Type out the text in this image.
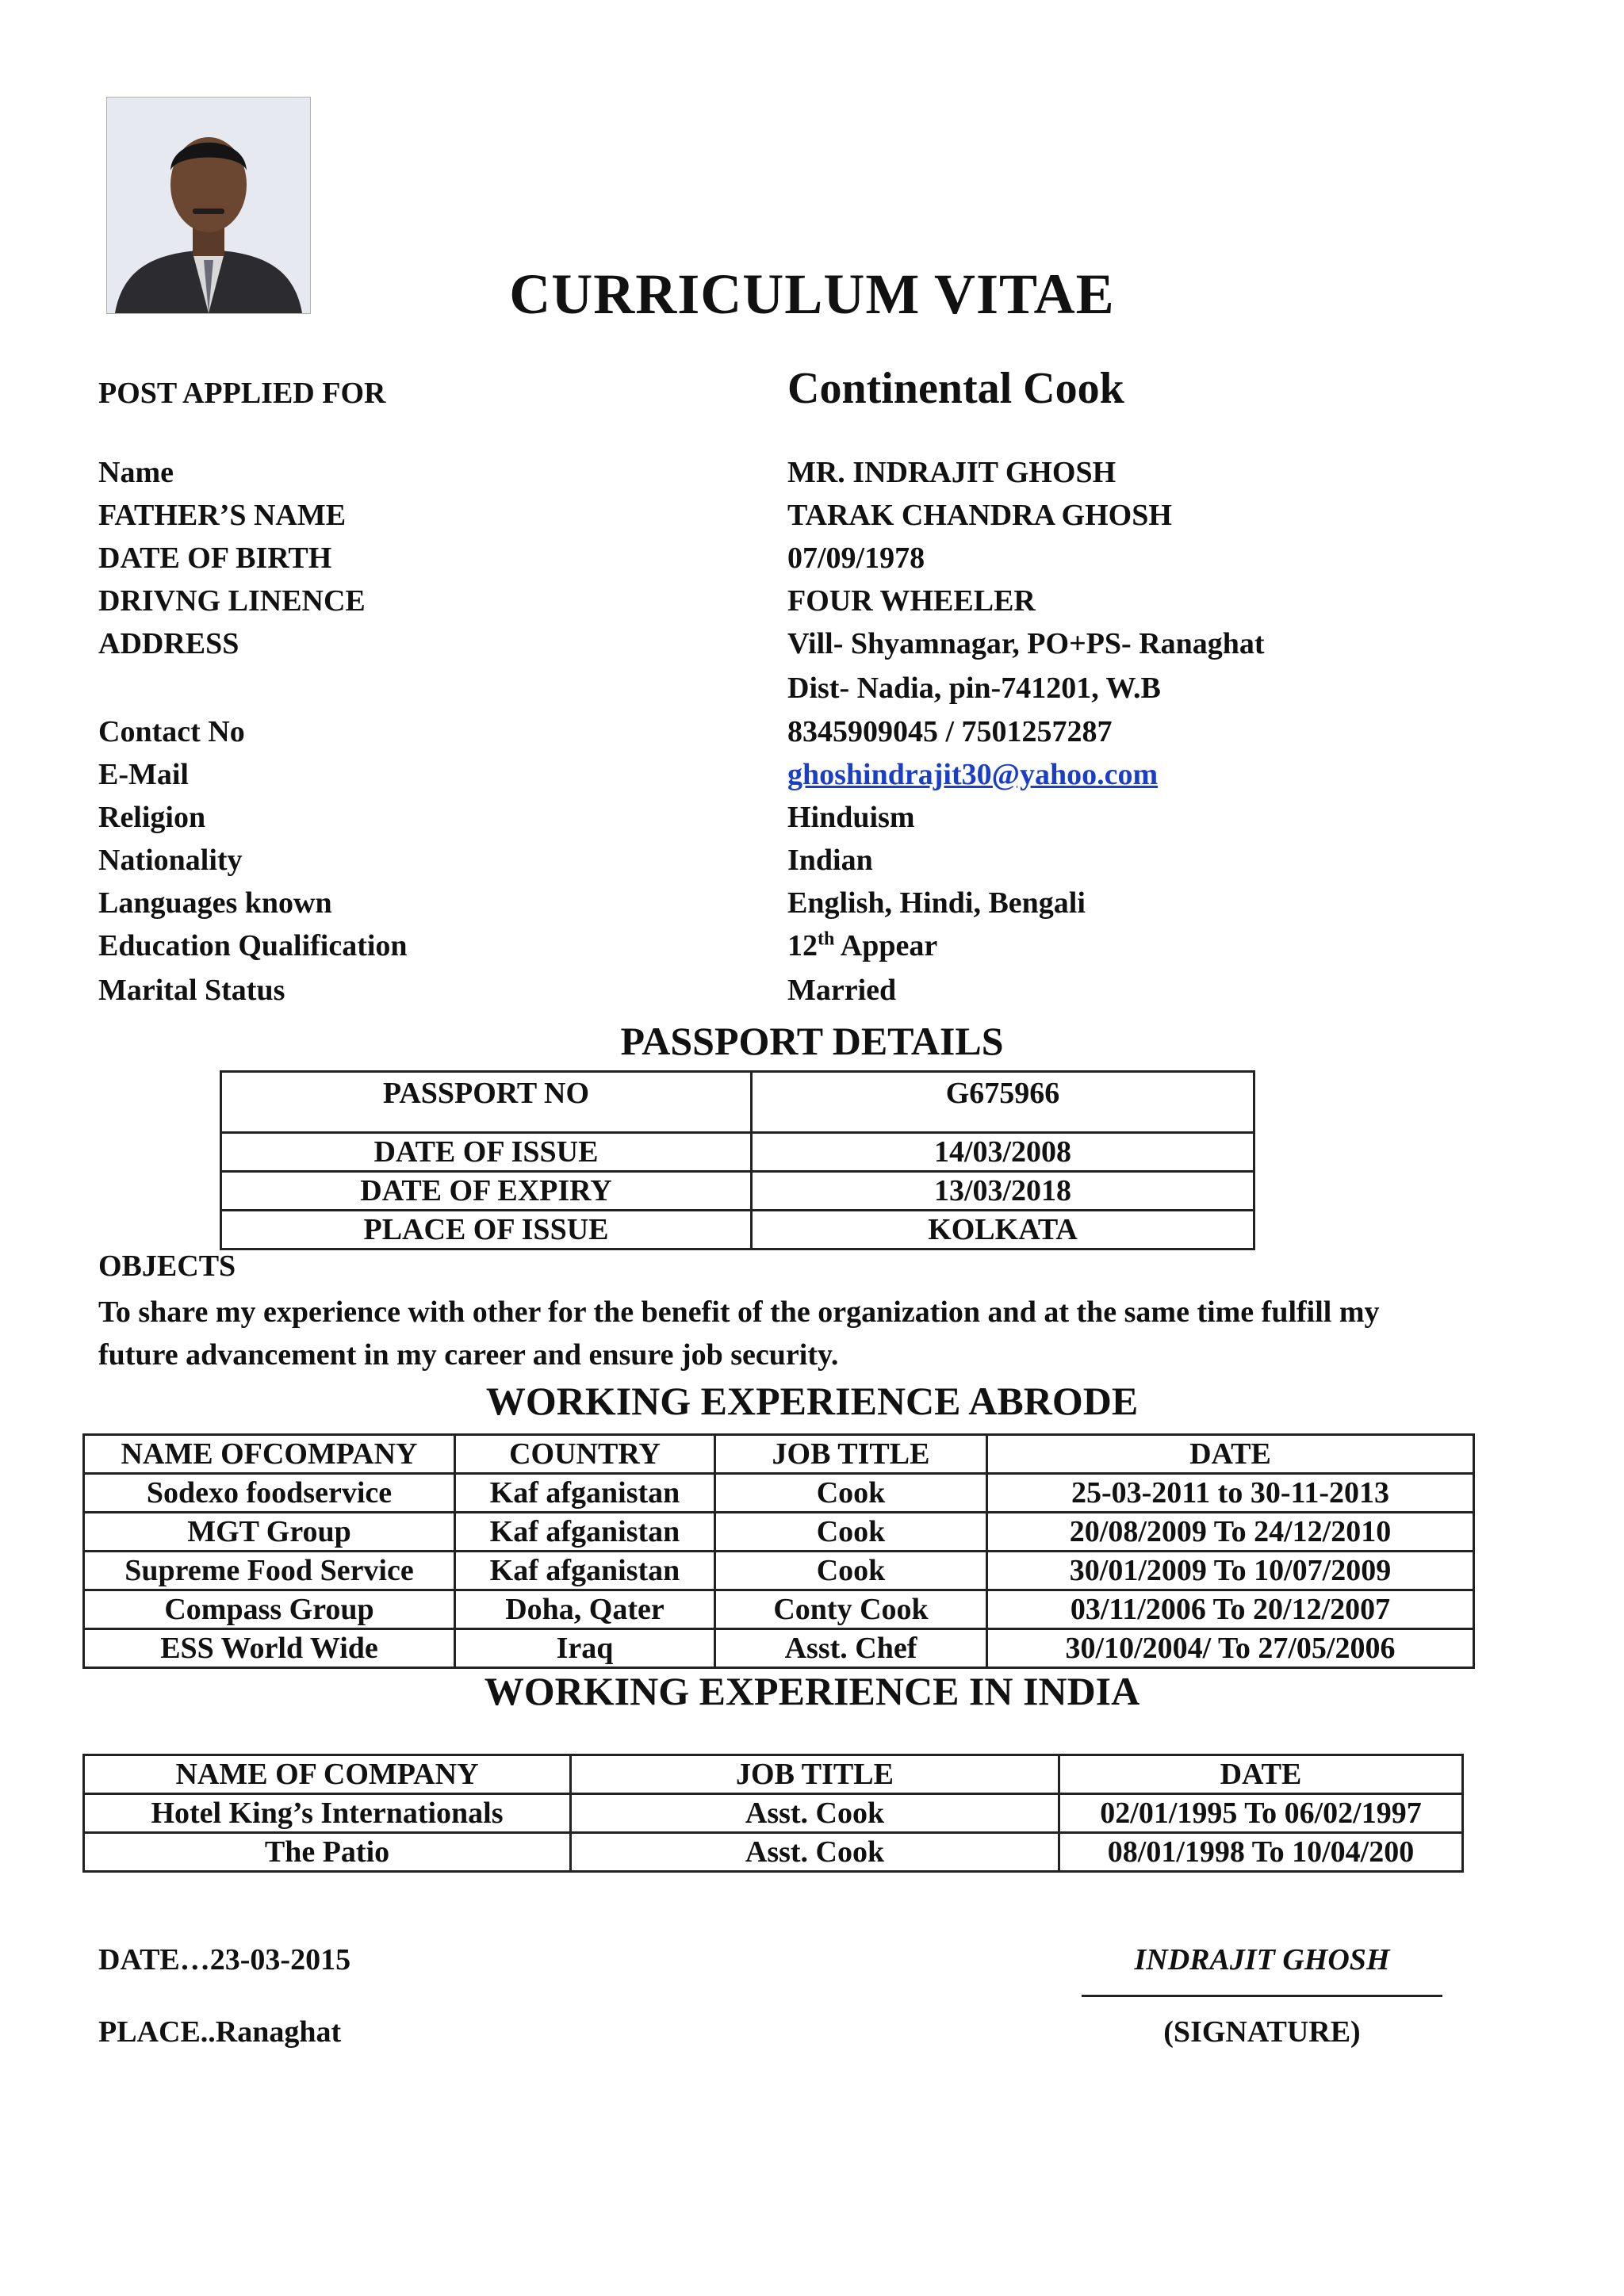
CURRICULUM VITAE
POST APPLIED FOR	Continental Cook
Name	MR. INDRAJIT GHOSH
FATHER’S NAME	TARAK CHANDRA GHOSH
DATE OF BIRTH	07/09/1978
DRIVNG LINENCE	FOUR WHEELER
ADDRESS	Vill- Shyamnagar, PO+PS- Ranaghat
Dist- Nadia, pin-741201, W.B
Contact No	8345909045 / 7501257287
E-Mail	ghoshindrajit30@yahoo.com
Religion	Hinduism
Nationality	Indian
Languages known	English, Hindi, Bengali
Education Qualification	12th Appear
Marital Status	Married
PASSPORT DETAILS
PASSPORT NO	G675966
DATE OF ISSUE	14/03/2008
DATE OF EXPIRY	13/03/2018
PLACE OF ISSUE	KOLKATA
OBJECTS
To share my experience with other for the benefit of the organization and at the same time fulfill my
future advancement in my career and ensure job security.
WORKING EXPERIENCE ABRODE
NAME OFCOMPANY	COUNTRY	JOB TITLE	DATE
Sodexo foodservice	Kaf afganistan	Cook	25-03-2011 to 30-11-2013
MGT Group	Kaf afganistan	Cook	20/08/2009 To 24/12/2010
Supreme Food Service	Kaf afganistan	Cook	30/01/2009 To 10/07/2009
Compass Group	Doha, Qater	Conty Cook	03/11/2006 To 20/12/2007
ESS World Wide	Iraq	Asst. Chef	30/10/2004/ To 27/05/2006
WORKING EXPERIENCE IN INDIA
NAME OF COMPANY	JOB TITLE	DATE
Hotel King’s Internationals	Asst. Cook	02/01/1995 To 06/02/1997
The Patio	Asst. Cook	08/01/1998 To 10/04/200
DATE…23-03-2015
PLACE..Ranaghat
INDRAJIT GHOSH
(SIGNATURE)
